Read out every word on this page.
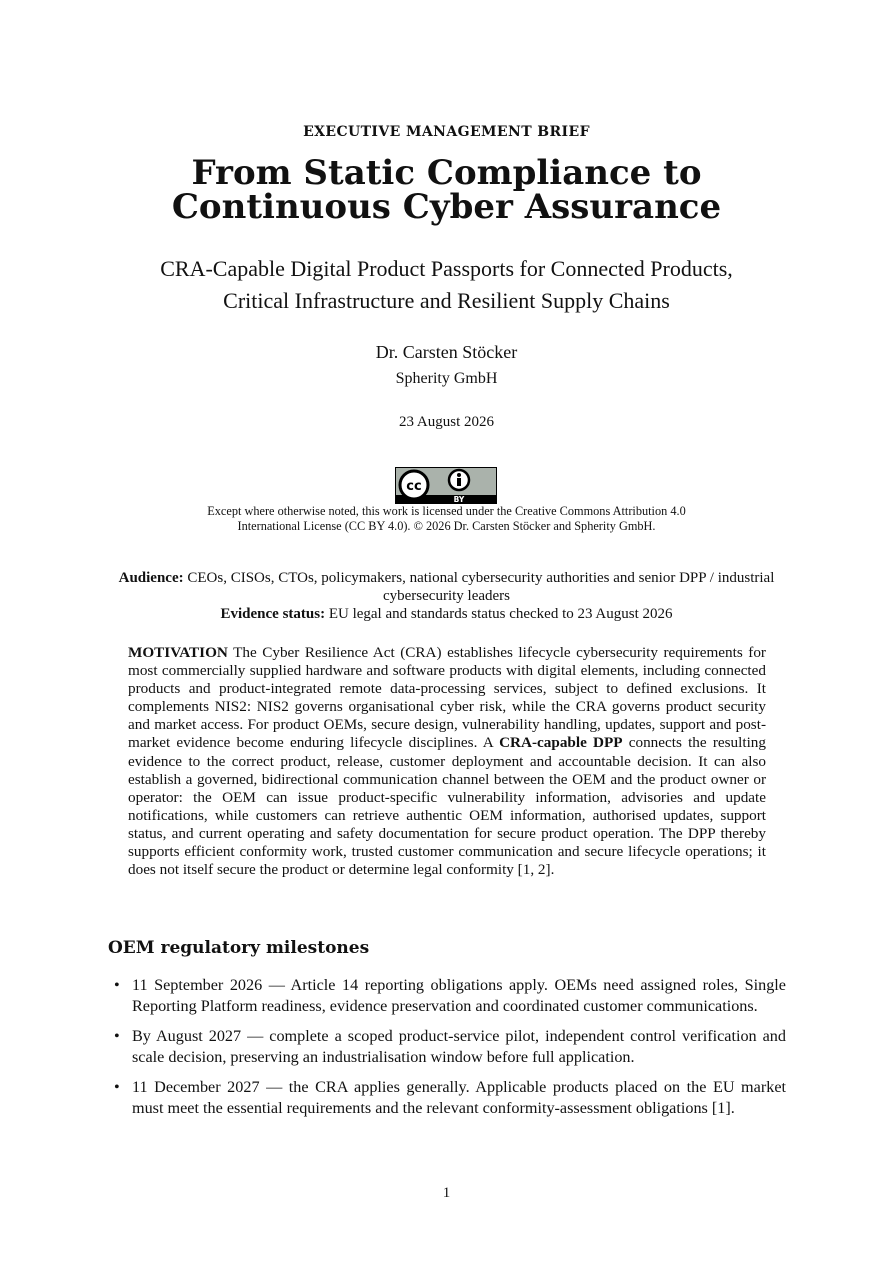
EXECUTIVE MANAGEMENT BRIEF
From Static Compliance to
Continuous Cyber Assurance
CRA-Capable Digital Product Passports for Connected Products,
Critical Infrastructure and Resilient Supply Chains
Dr. Carsten Stöcker
Spherity GmbH
23 August 2026
cc
BY
Except where otherwise noted, this work is licensed under the Creative Commons Attribution 4.0
International License (CC BY 4.0). © 2026 Dr. Carsten Stöcker and Spherity GmbH.
Audience: CEOs, CISOs, CTOs, policymakers, national cybersecurity authorities and senior DPP / industrial cybersecurity leaders
Evidence status: EU legal and standards status checked to 23 August 2026
MOTIVATION The Cyber Resilience Act (CRA) establishes lifecycle cybersecurity requirements for most commercially supplied hardware and software products with digital elements, including connected products and product-integrated remote data-processing services, subject to defined exclusions. It complements NIS2: NIS2 governs organisational cyber risk, while the CRA governs product security and market access. For product OEMs, secure design, vulnerability handling, updates, support and post-market evidence become enduring lifecycle disciplines. A CRA-capable DPP connects the resulting evidence to the correct product, release, customer deployment and accountable decision. It can also establish a governed, bidirectional communication channel between the OEM and the product owner or operator: the OEM can issue product-specific vulnerability information, advisories and update notifications, while customers can retrieve authentic OEM information, authorised updates, support status, and current operating and safety documentation for secure product operation. The DPP thereby supports efficient conformity work, trusted customer communication and secure lifecycle operations; it does not itself secure the product or determine legal conformity [1, 2].
OEM regulatory milestones
• 11 September 2026 — Article 14 reporting obligations apply. OEMs need assigned roles, Single Reporting Platform readiness, evidence preservation and coordinated customer communications.
• By August 2027 — complete a scoped product-service pilot, independent control verification and scale decision, preserving an industrialisation window before full application.
• 11 December 2027 — the CRA applies generally. Applicable products placed on the EU market must meet the essential requirements and the relevant conformity-assessment obligations [1].
1
